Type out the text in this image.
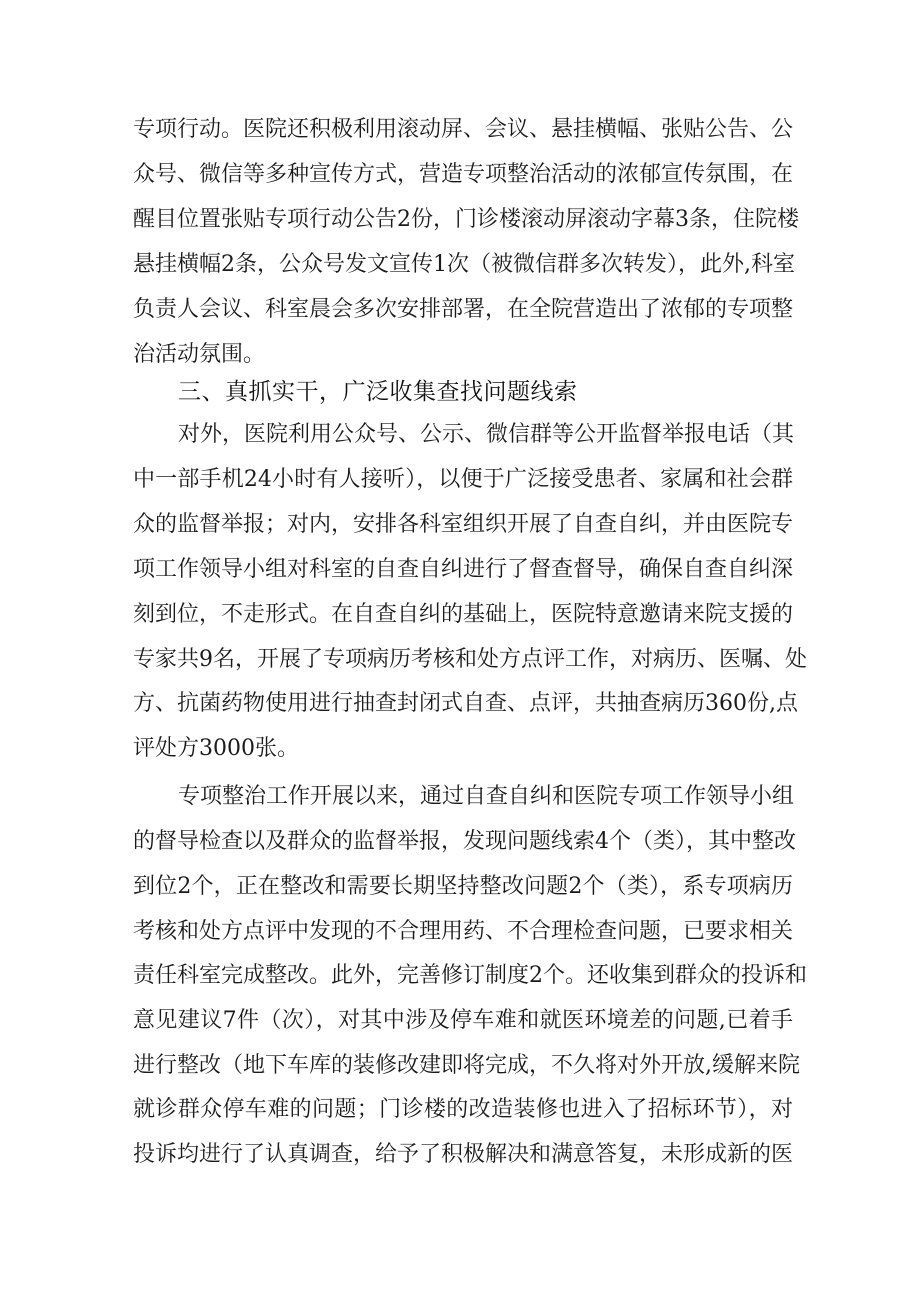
专项行动。医院还积极利用滚动屏、会议、悬挂横幅、张贴公告、公
众号、微信等多种宣传方式，营造专项整治活动的浓郁宣传氛围，在
醒目位置张贴专项行动公告2份，门诊楼滚动屏滚动字幕3条，住院楼
悬挂横幅2条，公众号发文宣传1次（被微信群多次转发），此外,科室
负责人会议、科室晨会多次安排部署，在全院营造出了浓郁的专项整
治活动氛围。
三、真抓实干，广泛收集查找问题线索
对外，医院利用公众号、公示、微信群等公开监督举报电话（其
中一部手机24小时有人接听），以便于广泛接受患者、家属和社会群
众的监督举报；对内，安排各科室组织开展了自查自纠，并由医院专
项工作领导小组对科室的自查自纠进行了督查督导，确保自查自纠深
刻到位，不走形式。在自查自纠的基础上，医院特意邀请来院支援的
专家共9名，开展了专项病历考核和处方点评工作，对病历、医嘱、处
方、抗菌药物使用进行抽查封闭式自查、点评，共抽查病历360份,点
评处方3000张。
专项整治工作开展以来，通过自查自纠和医院专项工作领导小组
的督导检查以及群众的监督举报，发现问题线索4个（类），其中整改
到位2个，正在整改和需要长期坚持整改问题2个（类），系专项病历
考核和处方点评中发现的不合理用药、不合理检查问题，已要求相关
责任科室完成整改。此外，完善修订制度2个。还收集到群众的投诉和
意见建议7件（次），对其中涉及停车难和就医环境差的问题,已着手
进行整改（地下车库的装修改建即将完成，不久将对外开放,缓解来院
就诊群众停车难的问题；门诊楼的改造装修也进入了招标环节），对
投诉均进行了认真调查，给予了积极解决和满意答复，未形成新的医
